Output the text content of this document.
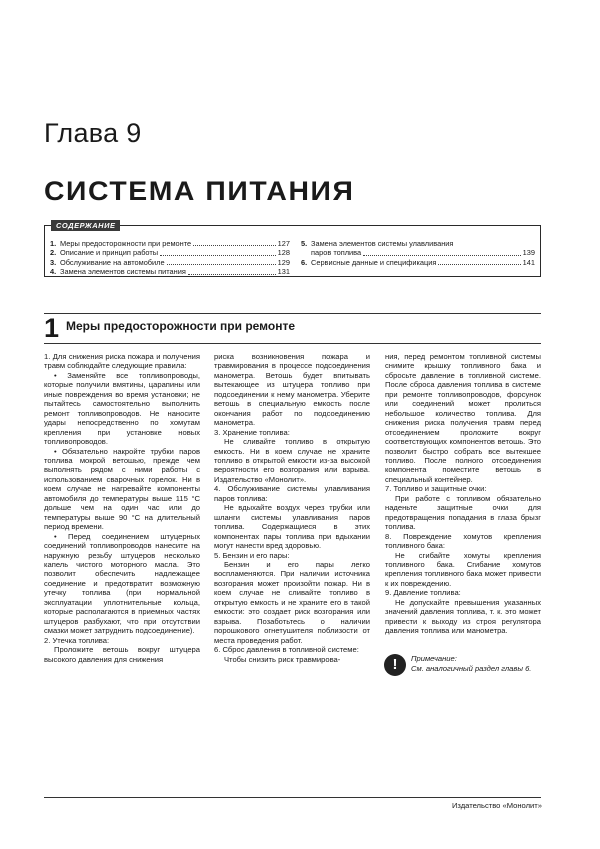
Глава 9
СИСТЕМА ПИТАНИЯ
СОДЕРЖАНИЕ
1. Меры предосторожности при ремонте	127
2. Описание и принцип работы	128
3. Обслуживание на автомобиле	129
4. Замена элементов системы питания	131
5. Замена элементов системы улавливания
паров топлива	139
6. Сервисные данные и спецификация	141
1 Меры предосторожности при ремонте

1. Для снижения риска пожара и получения травм соблюдайте следующие правила:

• Заменяйте все топливопроводы, которые получили вмятины, царапины или иные повреждения во время установки; не пытайтесь самостоятельно выполнить ремонт топливопроводов. Не наносите удары непосредственно по хомутам крепления при установке новых топливопроводов.

• Обязательно накройте трубки паров топлива мокрой ветошью, прежде чем выполнять рядом с ними работы с использованием сварочных горелок. Ни в коем случае не нагревайте компоненты автомобиля до температуры выше 115 °С дольше чем на один час или до температуры выше 90 °С на длительный период времени.

• Перед соединением штуцерных соединений топливопроводов нанесите на наружную резьбу штуцеров несколько капель чистого моторного масла. Это позволит обеспечить надлежащее соединение и предотвратит возможную утечку топлива (при нормальной эксплуатации уплотнительные кольца, которые располагаются в приемных частях штуцеров разбухают, что при отсутствии смазки может затруднить подсоединение).

2. Утечка топлива:

Проложите ветошь вокруг штуцера высокого давления для снижения

риска возникновения пожара и травмирования в процессе подсоединения манометра. Ветошь будет впитывать вытекающее из штуцера топливо при подсоединении к нему манометра. Уберите ветошь в специальную емкость после окончания работ по подсоединению манометра.

3. Хранение топлива:

Не сливайте топливо в открытую емкость. Ни в коем случае не храните топливо в открытой емкости из-за высокой вероятности его возгорания или взрыва. Издательство «Монолит».

4. Обслуживание системы улавливания паров топлива:

Не вдыхайте воздух через трубки или шланги системы улавливания паров топлива. Содержащиеся в этих компонентах пары топлива при вдыхании могут нанести вред здоровью.

5. Бензин и его пары:

Бензин и его пары легко воспламеняются. При наличии источника возгорания может произойти пожар. Ни в коем случае не сливайте топливо в открытую емкость и не храните его в такой емкости: это создает риск возгорания или взрыва. Позаботьтесь о наличии порошкового огнетушителя поблизости от места проведения работ.

6. Сброс давления в топливной системе:

Чтобы снизить риск травмирова-

ния, перед ремонтом топливной системы снимите крышку топливного бака и сбросьте давление в топливной системе. После сброса давления топлива в системе при ремонте топливопроводов, форсунок или соединений может пролиться небольшое количество топлива. Для снижения риска получения травм перед отсоединением проложите вокруг соответствующих компонентов ветошь. Это позволит быстро собрать все вытекшее топливо. После полного отсоединения компонента поместите ветошь в специальный контейнер.

7. Топливо и защитные очки:

При работе с топливом обязательно наденьте защитные очки для предотвращения попадания в глаза брызг топлива.

8. Повреждение хомутов крепления топливного бака:

Не сгибайте хомуты крепления топливного бака. Сгибание хомутов крепления топливного бака может привести к их повреждению.

9. Давление топлива:

Не допускайте превышения указанных значений давления топлива, т. к. это может привести к выходу из строя регулятора давления топлива или манометра.

!	Примечание:
См. аналогичный раздел главы 6.
Издательство «Монолит»
